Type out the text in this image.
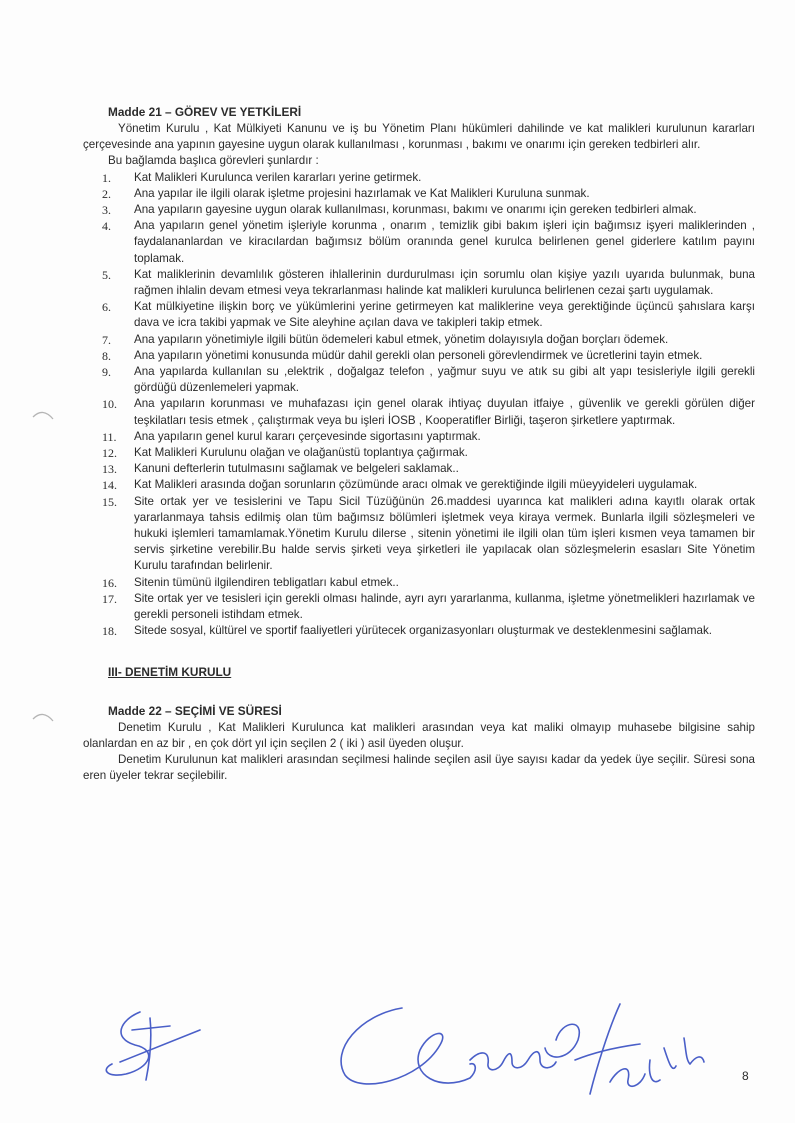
Madde 21 – GÖREV VE YETKİLERİ

Yönetim Kurulu , Kat Mülkiyeti Kanunu ve iş bu Yönetim Planı hükümleri dahilinde ve kat malikleri kurulunun kararları çerçevesinde ana yapının gayesine uygun olarak kullanılması , korunması , bakımı ve onarımı için gereken tedbirleri alır.

Bu bağlamda başlıca görevleri şunlardır :

1.	Kat Malikleri Kurulunca verilen kararları yerine getirmek.
2.	Ana yapılar ile ilgili olarak işletme projesini hazırlamak ve Kat Malikleri Kuruluna sunmak.
3.	Ana yapıların gayesine uygun olarak kullanılması, korunması, bakımı ve onarımı için gereken tedbirleri almak.
4.	Ana yapıların genel yönetim işleriyle korunma , onarım , temizlik gibi bakım işleri için bağımsız işyeri maliklerinden , faydalananlardan ve kiracılardan bağımsız bölüm oranında genel kurulca belirlenen genel giderlere katılım payını toplamak.
5.	Kat maliklerinin devamlılık gösteren ihlallerinin durdurulması için sorumlu olan kişiye yazılı uyarıda bulunmak, buna rağmen ihlalin devam etmesi veya tekrarlanması halinde kat malikleri kurulunca belirlenen cezai şartı uygulamak.
6.	Kat mülkiyetine ilişkin borç ve yükümlerini yerine getirmeyen kat maliklerine veya gerektiğinde üçüncü şahıslara karşı dava ve icra takibi yapmak ve Site aleyhine açılan dava ve takipleri takip etmek.
7.	Ana yapıların yönetimiyle ilgili bütün ödemeleri kabul etmek, yönetim dolayısıyla doğan borçları ödemek.
8.	Ana yapıların yönetimi konusunda müdür dahil gerekli olan personeli görevlendirmek ve ücretlerini tayin etmek.
9.	Ana yapılarda kullanılan su ,elektrik , doğalgaz telefon , yağmur suyu ve atık su gibi alt yapı tesisleriyle ilgili gerekli gördüğü düzenlemeleri yapmak.
10.	Ana yapıların korunması ve muhafazası için genel olarak ihtiyaç duyulan itfaiye , güvenlik ve gerekli görülen diğer teşkilatları tesis etmek , çalıştırmak veya bu işleri İOSB , Kooperatifler Birliği, taşeron şirketlere yaptırmak.
11.	Ana yapıların genel kurul kararı çerçevesinde sigortasını yaptırmak.
12.	Kat Malikleri Kurulunu olağan ve olağanüstü toplantıya çağırmak.
13.	Kanuni defterlerin tutulmasını sağlamak ve belgeleri saklamak..
14.	Kat Malikleri arasında doğan sorunların çözümünde aracı olmak ve gerektiğinde ilgili müeyyideleri uygulamak.
15.	Site ortak yer ve tesislerini ve Tapu Sicil Tüzüğünün 26.maddesi uyarınca kat malikleri adına kayıtlı olarak ortak yararlanmaya tahsis edilmiş olan tüm bağımsız bölümleri işletmek veya kiraya vermek. Bunlarla ilgili sözleşmeleri ve hukuki işlemleri tamamlamak.Yönetim Kurulu dilerse , sitenin yönetimi ile ilgili olan tüm işleri kısmen veya tamamen bir servis şirketine verebilir.Bu halde servis şirketi veya şirketleri ile yapılacak olan sözleşmelerin esasları Site Yönetim Kurulu tarafından belirlenir.
16.	Sitenin tümünü ilgilendiren tebligatları kabul etmek..
17.	Site ortak yer ve tesisleri için gerekli olması halinde, ayrı ayrı yararlanma, kullanma, işletme yönetmelikleri hazırlamak ve gerekli personeli istihdam etmek.
18.	Sitede sosyal, kültürel ve sportif faaliyetleri yürütecek organizasyonları oluşturmak ve desteklenmesini sağlamak.
III- DENETİM KURULU
Madde 22 – SEÇİMİ VE SÜRESİ

Denetim Kurulu , Kat Malikleri Kurulunca kat malikleri arasından veya kat maliki olmayıp muhasebe bilgisine sahip olanlardan en az bir , en çok dört yıl için seçilen 2 ( iki ) asil üyeden oluşur.

Denetim Kurulunun kat malikleri arasından seçilmesi halinde seçilen asil üye sayısı kadar da yedek üye seçilir. Süresi sona eren üyeler tekrar seçilebilir.

8
